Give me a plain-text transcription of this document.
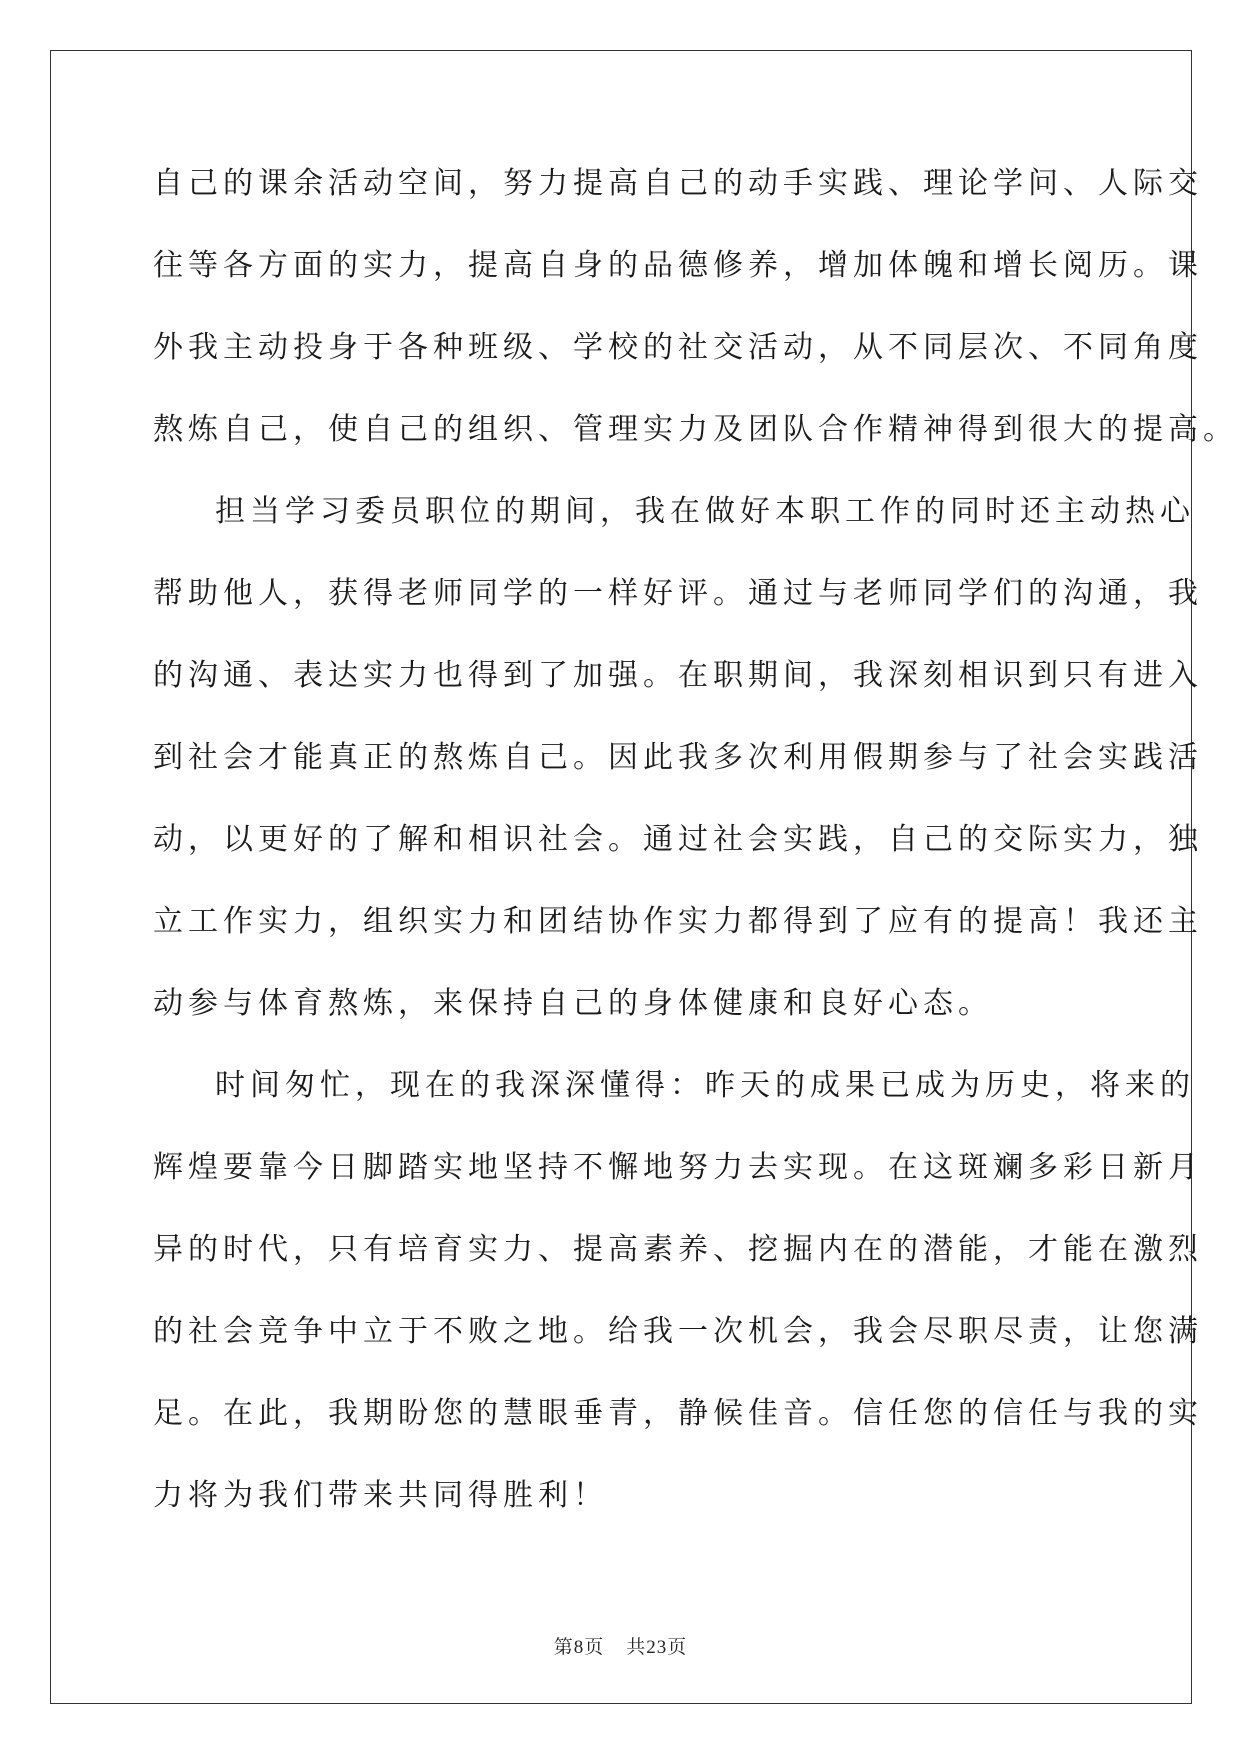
自己的课余活动空间，努力提高自己的动手实践、理论学问、人际交
往等各方面的实力，提高自身的品德修养，增加体魄和增长阅历。课
外我主动投身于各种班级、学校的社交活动，从不同层次、不同角度
熬炼自己，使自己的组织、管理实力及团队合作精神得到很大的提高。
担当学习委员职位的期间，我在做好本职工作的同时还主动热心
帮助他人，获得老师同学的一样好评。通过与老师同学们的沟通，我
的沟通、表达实力也得到了加强。在职期间，我深刻相识到只有进入
到社会才能真正的熬炼自己。因此我多次利用假期参与了社会实践活
动，以更好的了解和相识社会。通过社会实践，自己的交际实力，独
立工作实力，组织实力和团结协作实力都得到了应有的提高！我还主
动参与体育熬炼，来保持自己的身体健康和良好心态。
时间匆忙，现在的我深深懂得：昨天的成果已成为历史，将来的
辉煌要靠今日脚踏实地坚持不懈地努力去实现。在这斑斓多彩日新月
异的时代，只有培育实力、提高素养、挖掘内在的潜能，才能在激烈
的社会竞争中立于不败之地。给我一次机会，我会尽职尽责，让您满
足。在此，我期盼您的慧眼垂青，静候佳音。信任您的信任与我的实
力将为我们带来共同得胜利！
第8页 共23页
